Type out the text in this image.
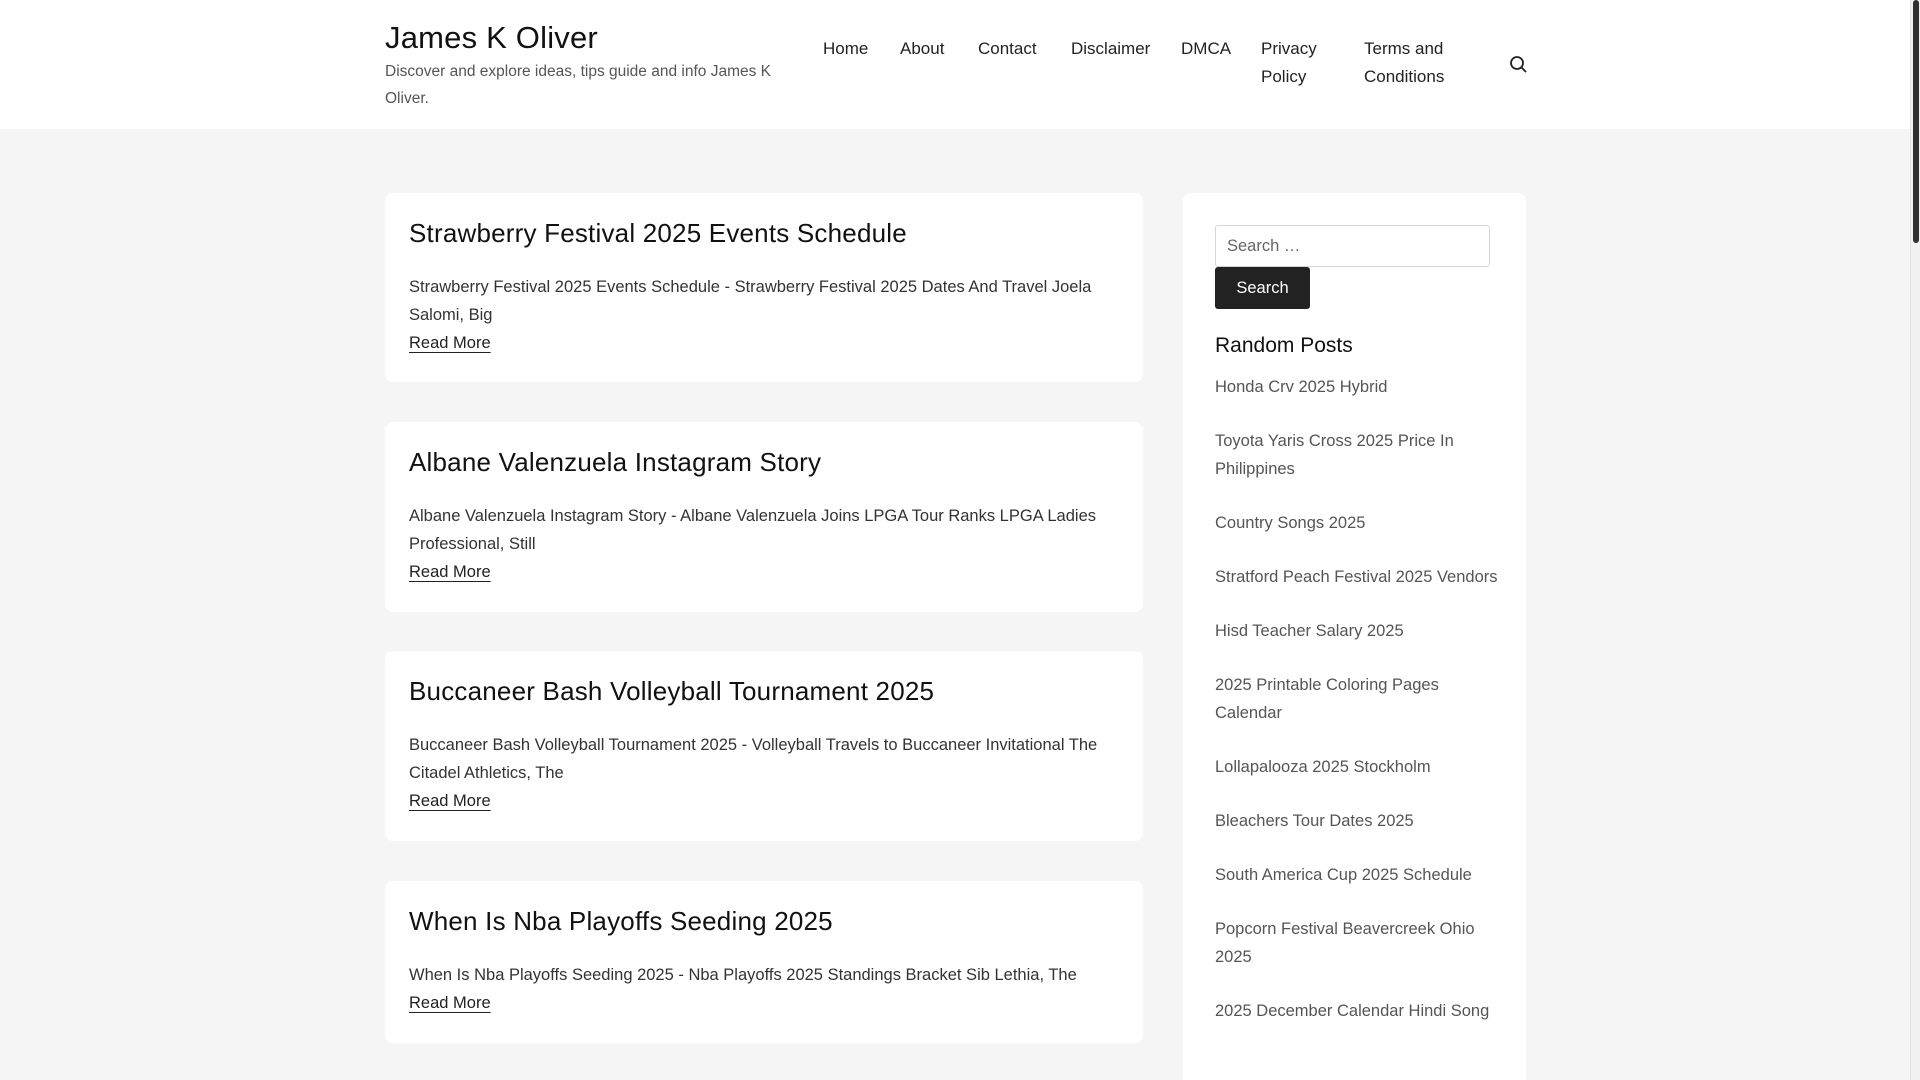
James K Oliver

Discover and explore ideas, tips guide and info James K Oliver.

Home About Contact Disclaimer DMCA Privacy Policy
Terms and Conditions
Strawberry Festival 2025 Events Schedule

Strawberry Festival 2025 Events Schedule - Strawberry Festival 2025 Dates And Travel Joela Salomi, Big

Read More
Albane Valenzuela Instagram Story

Albane Valenzuela Instagram Story - Albane Valenzuela Joins LPGA Tour Ranks LPGA Ladies Professional, Still

Read More
Buccaneer Bash Volleyball Tournament 2025

Buccaneer Bash Volleyball Tournament 2025 - Volleyball Travels to Buccaneer Invitational The Citadel Athletics, The

Read More
When Is Nba Playoffs Seeding 2025

When Is Nba Playoffs Seeding 2025 - Nba Playoffs 2025 Standings Bracket Sib Lethia, The

Read More
Search …
Search
Random Posts
Honda Crv 2025 Hybrid
Toyota Yaris Cross 2025 Price In Philippines
Country Songs 2025
Stratford Peach Festival 2025 Vendors
Hisd Teacher Salary 2025
2025 Printable Coloring Pages Calendar
Lollapalooza 2025 Stockholm
Bleachers Tour Dates 2025
South America Cup 2025 Schedule
Popcorn Festival Beavercreek Ohio 2025
2025 December Calendar Hindi Song
